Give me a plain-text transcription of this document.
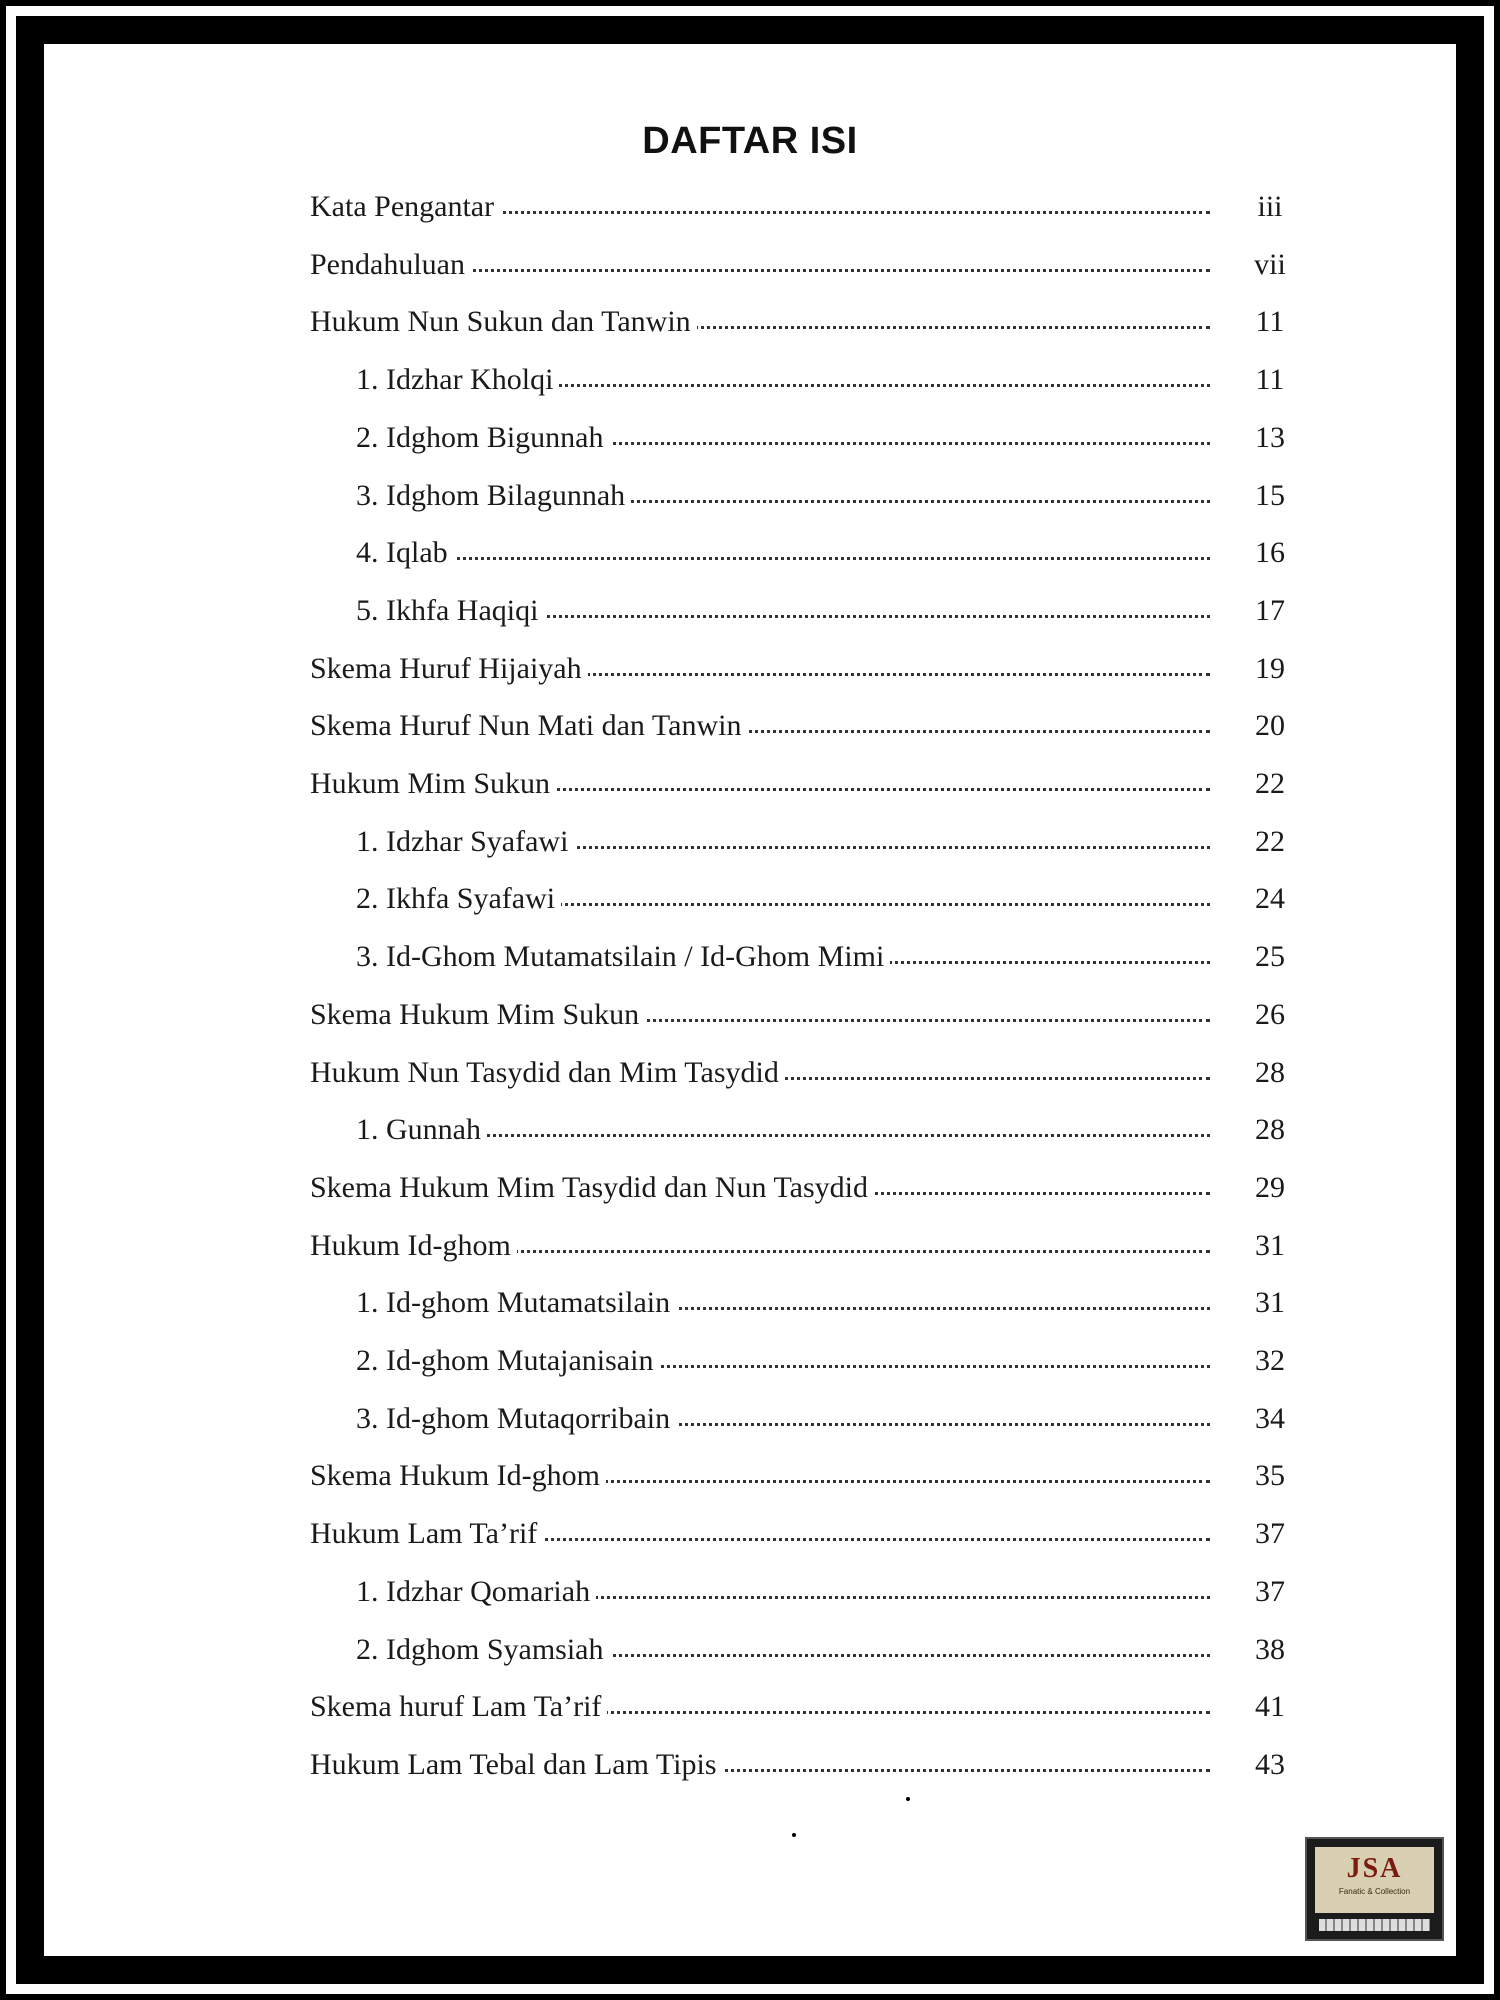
DAFTAR ISI
Kata Pengantar	iii
Pendahuluan	vii
Hukum Nun Sukun dan Tanwin	11
1. Idzhar Kholqi	11
2. Idghom Bigunnah	13
3. Idghom Bilagunnah	15
4. Iqlab	16
5. Ikhfa Haqiqi	17
Skema Huruf Hijaiyah	19
Skema Huruf Nun Mati dan Tanwin	20
Hukum Mim Sukun	22
1. Idzhar Syafawi	22
2. Ikhfa Syafawi	24
3. Id-Ghom Mutamatsilain / Id-Ghom Mimi	25
Skema Hukum Mim Sukun	26
Hukum Nun Tasydid dan Mim Tasydid	28
1. Gunnah	28
Skema Hukum Mim Tasydid dan Nun Tasydid	29
Hukum Id-ghom	31
1. Id-ghom Mutamatsilain	31
2. Id-ghom Mutajanisain	32
3. Id-ghom Mutaqorribain	34
Skema Hukum Id-ghom	35
Hukum Lam Ta’rif	37
1. Idzhar Qomariah	37
2. Idghom Syamsiah	38
Skema huruf Lam Ta’rif	41
Hukum Lam Tebal dan Lam Tipis	43
JSA
Fanatic & Collection
